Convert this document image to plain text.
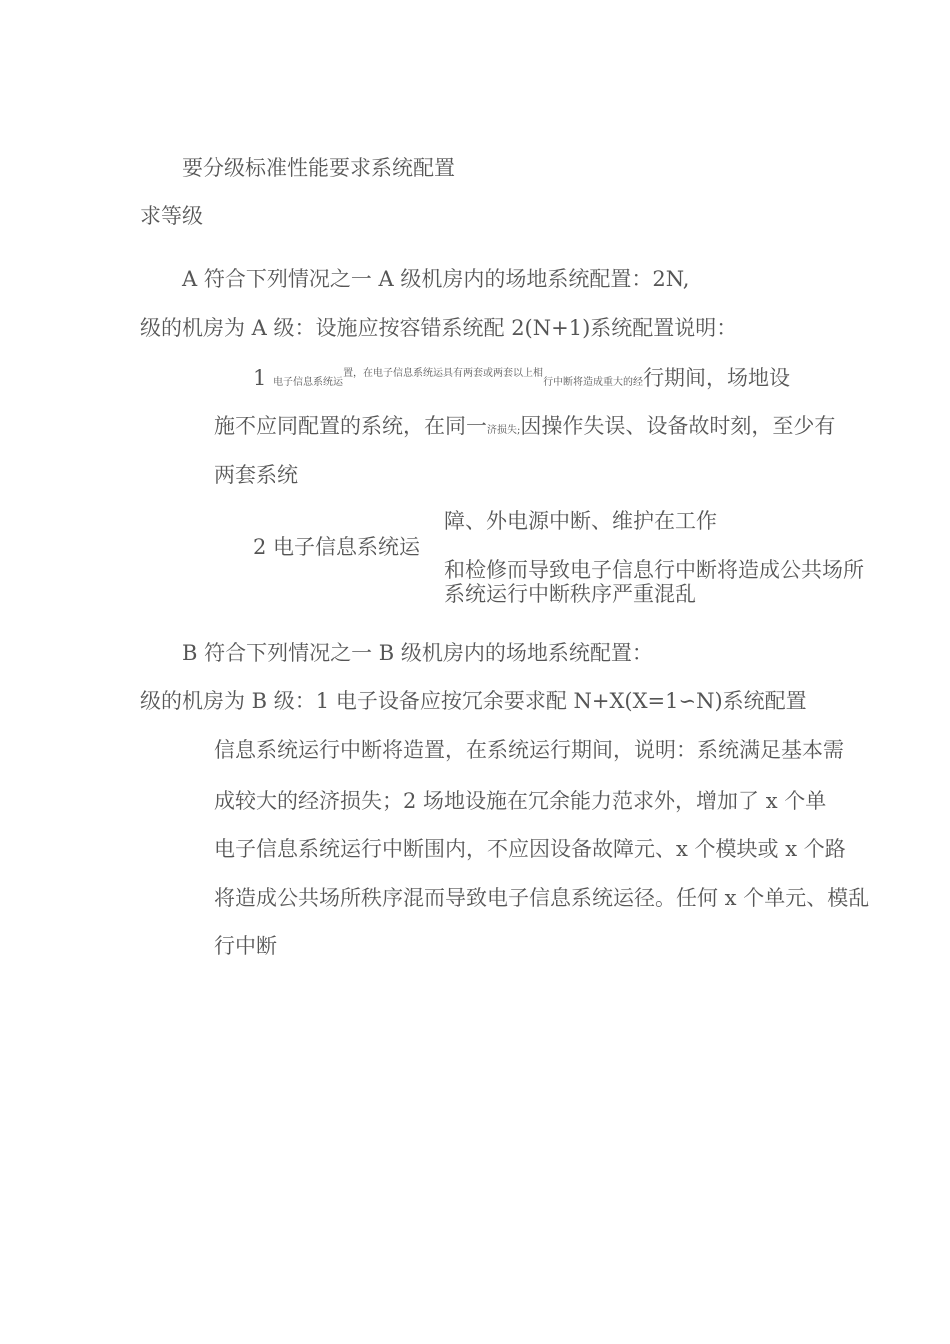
要分级标准性能要求系统配置
求等级
A 符合下列情况之一 A 级机房内的场地系统配置：2N,
级的机房为 A 级：设施应按容错系统配 2(N+1)系统配置说明：
1 电子信息系统运$^{置,在电子信息系统运具有两套或两套以上相}$行中断将造成重大的经行期间，场地设
施不应同配置的系统，在同一济损失;因操作失误、设备故时刻，至少有
两套系统
障、外电源中断、维护在工作
2 电子信息系统运
和检修而导致电子信息行中断将造成公共场所
系统运行中断秩序严重混乱
B 符合下列情况之一 B 级机房内的场地系统配置：
级的机房为 B 级：1 电子设备应按冗余要求配 N+X(X=1∽N)系统配置
信息系统运行中断将造置，在系统运行期间，说明：系统满足基本需
成较大的经济损失；2 场地设施在冗余能力范求外，增加了 x 个单
电子信息系统运行中断围内，不应因设备故障元、x 个模块或 x 个路
将造成公共场所秩序混而导致电子信息系统运径。任何 x 个单元、模乱
行中断
